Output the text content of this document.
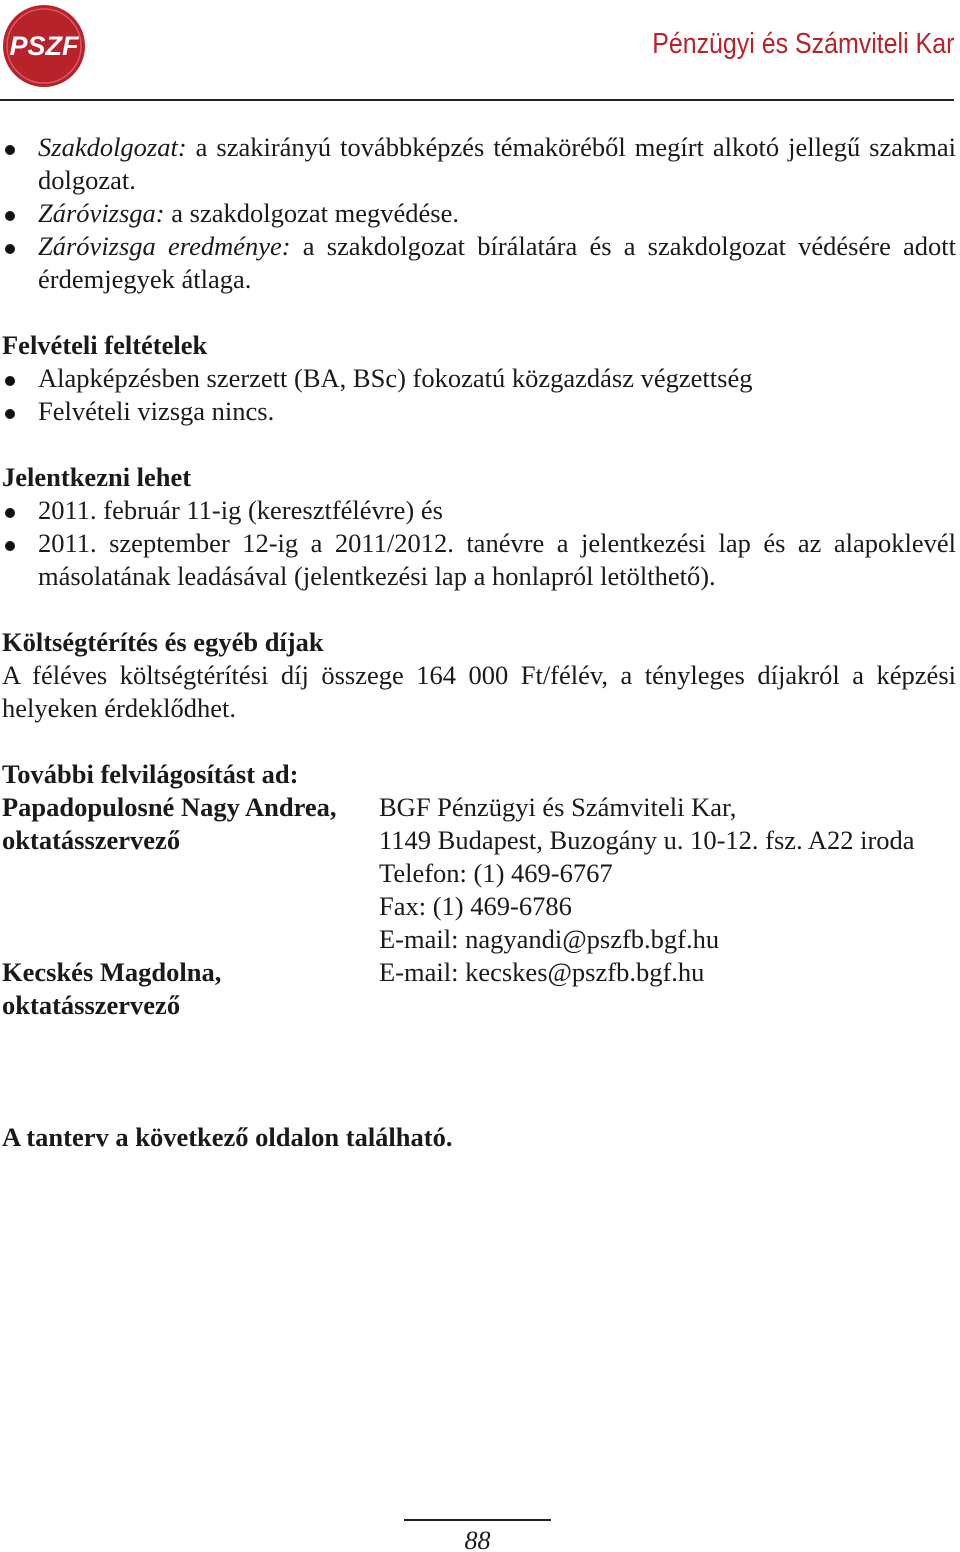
PSZF	Pénzügyi és Számviteli Kar
Szakdolgozat: a szakirányú továbbképzés témaköréből megírt alkotó jellegű szakmai dolgozat.
Záróvizsga: a szakdolgozat megvédése.
Záróvizsga eredménye: a szakdolgozat bírálatára és a szakdolgozat védésére adott érdemjegyek átlaga.
Felvételi feltételek
Alapképzésben szerzett (BA, BSc) fokozatú közgazdász végzettség
Felvételi vizsga nincs.
Jelentkezni lehet
2011. február 11-ig (keresztfélévre) és
2011. szeptember 12-ig a 2011/2012. tanévre a jelentkezési lap és az alapoklevél másolatának leadásával (jelentkezési lap a honlapról letölthető).
Költségtérítés és egyéb díjak
A féléves költségtérítési díj összege 164 000 Ft/félév, a tényleges díjakról a képzési helyeken érdeklődhet.
További felvilágosítást ad:
Papadopulosné Nagy Andrea,	BGF Pénzügyi és Számviteli Kar,
oktatásszervező	1149 Budapest, Buzogány u. 10-12. fsz. A22 iroda
Telefon: (1) 469-6767
Fax: (1) 469-6786
E-mail: nagyandi@pszfb.bgf.hu
Kecskés Magdolna,	E-mail: kecskes@pszfb.bgf.hu
oktatásszervező
A tanterv a következő oldalon található.
88
